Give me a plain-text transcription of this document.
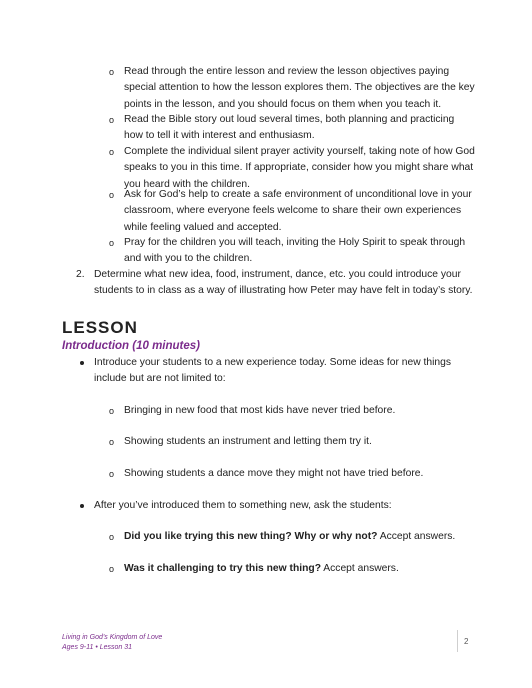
o Read through the entire lesson and review the lesson objectives paying special attention to how the lesson explores them. The objectives are the key points in the lesson, and you should focus on them when you teach it.
o Read the Bible story out loud several times, both planning and practicing how to tell it with interest and enthusiasm.
o Complete the individual silent prayer activity yourself, taking note of how God speaks to you in this time. If appropriate, consider how you might share what you heard with the children.
o Ask for God’s help to create a safe environment of unconditional love in your classroom, where everyone feels welcome to share their own experiences while feeling valued and accepted.
o Pray for the children you will teach, inviting the Holy Spirit to speak through and with you to the children.
2. Determine what new idea, food, instrument, dance, etc. you could introduce your students to in class as a way of illustrating how Peter may have felt in today’s story.
LESSON
Introduction (10 minutes)
Introduce your students to a new experience today. Some ideas for new things include but are not limited to:
o Bringing in new food that most kids have never tried before.
o Showing students an instrument and letting them try it.
o Showing students a dance move they might not have tried before.
After you’ve introduced them to something new, ask the students:
o Did you like trying this new thing? Why or why not? Accept answers.
o Was it challenging to try this new thing? Accept answers.
Living in God’s Kingdom of Love
Ages 9-11 • Lesson 31
2
